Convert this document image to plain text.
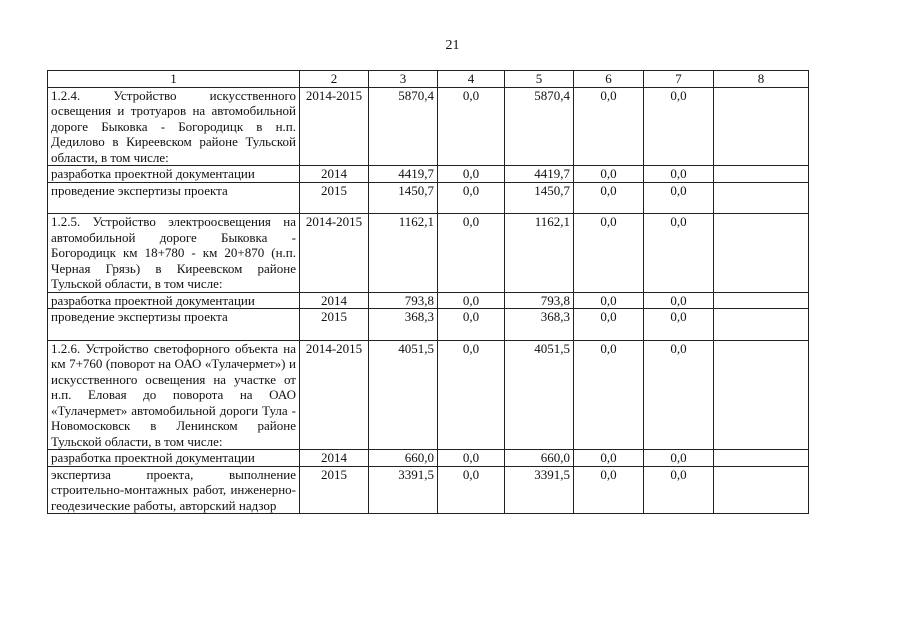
21
1	2	3	4	5	6	7	8
1.2.4. Устройство искусственного освещения и тротуаров на автомобильной дороге Быковка - Богородицк в н.п. Дедилово в Киреевском районе Тульской области, в том числе:	2014-2015	5870,4	0,0	5870,4	0,0	0,0	
разработка проектной документации	2014	4419,7	0,0	4419,7	0,0	0,0	

проведение экспертизы проекта	2015	1450,7	0,0	1450,7	0,0	0,0	
1.2.5. Устройство электроосвещения на автомобильной дороге Быковка - Богородицк км 18+780 - км 20+870 (н.п. Черная Грязь) в Киреевском районе Тульской области, в том числе:	2014-2015	1162,1	0,0	1162,1	0,0	0,0	
разработка проектной документации	2014	793,8	0,0	793,8	0,0	0,0	

проведение экспертизы проекта	2015	368,3	0,0	368,3	0,0	0,0	
1.2.6. Устройство светофорного объекта на км 7+760 (поворот на ОАО «Тулачермет») и искусственного освещения на участке от н.п. Еловая до поворота на ОАО «Тулачермет» автомобильной дороги Тула - Новомосковск в Ленинском районе Тульской области, в том числе:	2014-2015	4051,5	0,0	4051,5	0,0	0,0	
разработка проектной документации	2014	660,0	0,0	660,0	0,0	0,0	
экспертиза проекта, выполнение строительно-монтажных работ, инженерно-геодезические работы, авторский надзор	2015	3391,5	0,0	3391,5	0,0	0,0	
